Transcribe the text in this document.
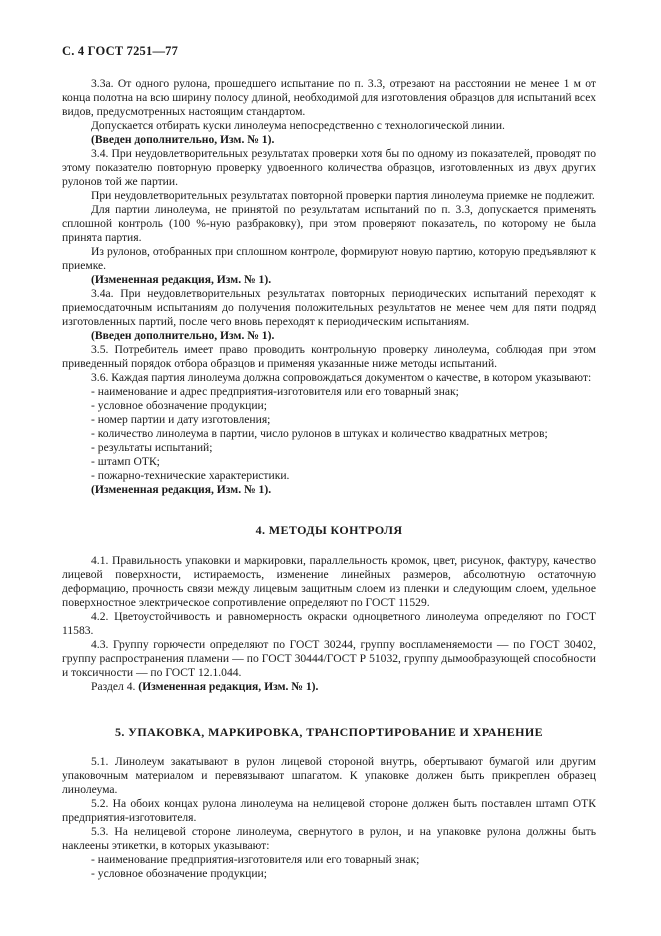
С. 4 ГОСТ 7251—77

3.3а. От одного рулона, прошедшего испытание по п. 3.3, отрезают на расстоянии не менее 1 м от конца полотна на всю ширину полосу длиной, необходимой для изготовления образцов для испытаний всех видов, предусмотренных настоящим стандартом.

Допускается отбирать куски линолеума непосредственно с технологической линии.

(Введен дополнительно, Изм. № 1).

3.4. При неудовлетворительных результатах проверки хотя бы по одному из показателей, проводят по этому показателю повторную проверку удвоенного количества образцов, изготовленных из двух других рулонов той же партии.

При неудовлетворительных результатах повторной проверки партия линолеума приемке не подлежит.

Для партии линолеума, не принятой по результатам испытаний по п. 3.3, допускается применять сплошной контроль (100 %-ную разбраковку), при этом проверяют показатель, по которому не была принята партия.

Из рулонов, отобранных при сплошном контроле, формируют новую партию, которую предъявляют к приемке.

(Измененная редакция, Изм. № 1).

3.4а. При неудовлетворительных результатах повторных периодических испытаний переходят к приемосдаточным испытаниям до получения положительных результатов не менее чем для пяти подряд изготовленных партий, после чего вновь переходят к периодическим испытаниям.

(Введен дополнительно, Изм. № 1).

3.5. Потребитель имеет право проводить контрольную проверку линолеума, соблюдая при этом приведенный порядок отбора образцов и применяя указанные ниже методы испытаний.

3.6. Каждая партия линолеума должна сопровождаться документом о качестве, в котором указывают:

- наименование и адрес предприятия-изготовителя или его товарный знак;
- условное обозначение продукции;
- номер партии и дату изготовления;
- количество линолеума в партии, число рулонов в штуках и количество квадратных метров;
- результаты испытаний;
- штамп ОТК;
- пожарно-технические характеристики.

(Измененная редакция, Изм. № 1).

4. МЕТОДЫ КОНТРОЛЯ

4.1. Правильность упаковки и маркировки, параллельность кромок, цвет, рисунок, фактуру, качество лицевой поверхности, истираемость, изменение линейных размеров, абсолютную остаточную деформацию, прочность связи между лицевым защитным слоем из пленки и следующим слоем, удельное поверхностное электрическое сопротивление определяют по ГОСТ 11529.

4.2. Цветоустойчивость и равномерность окраски одноцветного линолеума определяют по ГОСТ 11583.

4.3. Группу горючести определяют по ГОСТ 30244, группу воспламеняемости — по ГОСТ 30402, группу распространения пламени — по ГОСТ 30444/ГОСТ Р 51032, группу дымообразующей способности и токсичности — по ГОСТ 12.1.044.

Раздел 4. (Измененная редакция, Изм. № 1).

5. УПАКОВКА, МАРКИРОВКА, ТРАНСПОРТИРОВАНИЕ И ХРАНЕНИЕ

5.1. Линолеум закатывают в рулон лицевой стороной внутрь, обертывают бумагой или другим упаковочным материалом и перевязывают шпагатом. К упаковке должен быть прикреплен образец линолеума.

5.2. На обоих концах рулона линолеума на нелицевой стороне должен быть поставлен штамп ОТК предприятия-изготовителя.

5.3. На нелицевой стороне линолеума, свернутого в рулон, и на упаковке рулона должны быть наклеены этикетки, в которых указывают:

- наименование предприятия-изготовителя или его товарный знак;
- условное обозначение продукции;
